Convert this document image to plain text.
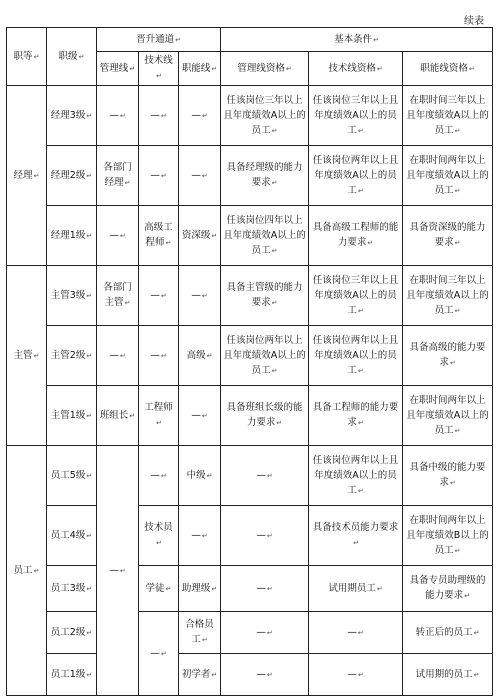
续表
职等 ↵	职级 ↵	晋升通道 ↵			基本条件 ↵
		管理线 ↵	技术线 ↵	职能线 ↵	管理线资格 ↵	技术线资格 ↵	职能线资格 ↵
经理 ↵	经理3级 ↵	— ↵	— ↵	— ↵	任该岗位三年以上且年度绩效A以上的员工 ↵	任该岗位三年以上且年度绩效A以上的员工 ↵	在职时间三年以上且年度绩效A以上的员工 ↵
	经理2级 ↵	各部门经理 ↵	— ↵	— ↵	具备经理级的能力要求 ↵	任该岗位两年以上且年度绩效A以上的员工 ↵	在职时间两年以上且年度绩效A以上的员工 ↵
	经理1级 ↵	— ↵	高级工程师 ↵	资深级 ↵	任该岗位四年以上且年度绩效A以上的员工 ↵	具备高级工程师的能力要求 ↵	具备资深级的能力要求 ↵
主管 ↵	主管3级 ↵	各部门主管 ↵	— ↵	— ↵	具备主管级的能力要求 ↵	任该岗位三年以上且年度绩效A以上的员工 ↵	在职时间三年以上且年度绩效A以上的员工 ↵
	主管2级 ↵	— ↵	— ↵	高级 ↵	任该岗位两年以上且年度绩效A以上的员工 ↵	任该岗位两年以上且年度绩效A以上的员工 ↵	具备高级的能力要求 ↵
	主管1级 ↵	班组长 ↵	工程师 ↵	— ↵	具备班组长级的能力要求 ↵	具备工程师的能力要求 ↵	在职时间两年以上且年度绩效A以上的员工 ↵
员工 ↵	员工5级 ↵	— ↵	— ↵	中级 ↵	— ↵	任该岗位两年以上且年度绩效A以上的员工 ↵	具备中级的能力要求 ↵
	员工4级 ↵		技术员 ↵	— ↵	— ↵	具备技术员能力要求 ↵	在职时间两年以上且年度绩效B以上的员工 ↵
	员工3级 ↵		学徒 ↵	助理级 ↵	— ↵	试用期员工 ↵	具备专员助理级的能力要求 ↵
	员工2级 ↵		— ↵	合格员工 ↵	— ↵	— ↵	转正后的员工 ↵
	员工1级 ↵			初学者 ↵	— ↵	— ↵	试用期的员工 ↵
